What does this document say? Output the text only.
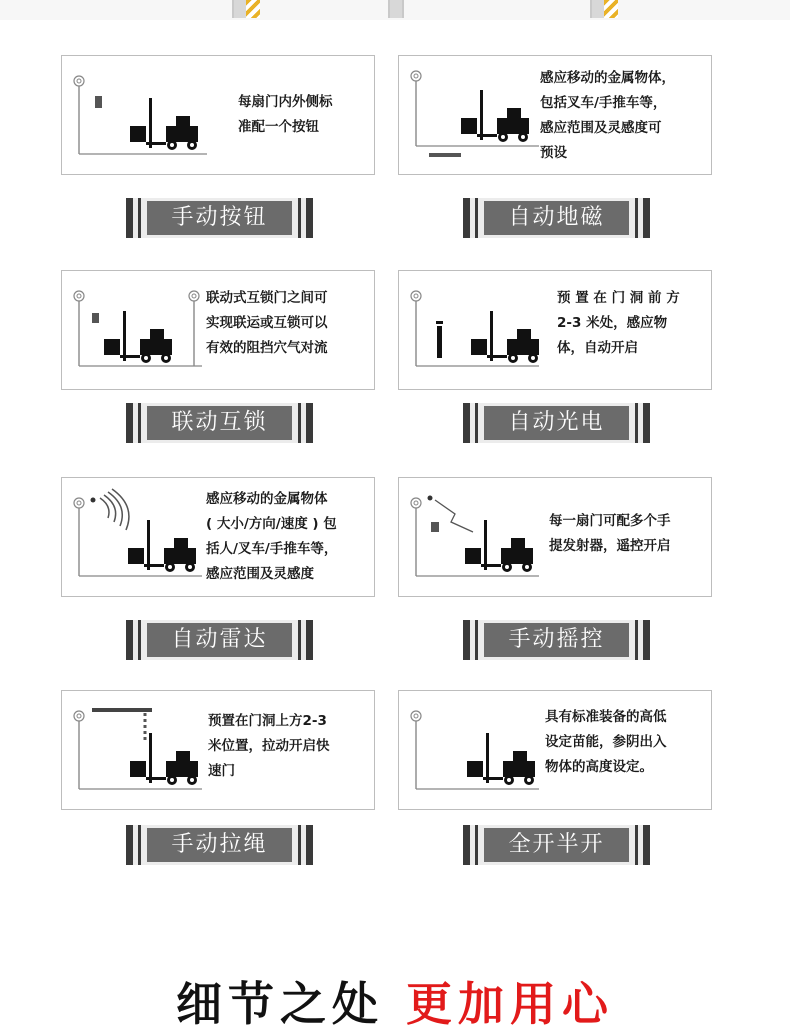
每扇门内外侧标
准配一个按钮
手动按钮
感应移动的金属物体，
包括叉车/手推车等，
感应范围及灵感度可
预设
自动地磁
联动式互锁门之间可
实现联运或互锁可以
有效的阻挡穴气对流
联动互锁
预 置 在 门 洞 前 方
2-3 米处，感应物
体，自动开启
自动光电
感应移动的金属物体
( 大小/方向/速度 ) 包
括人/叉车/手推车等，
感应范围及灵感度
自动雷达
每一扇门可配多个手
提发射器，遥控开启
手动摇控
预置在门洞上方2-3
米位置，拉动开启快
速门
手动拉绳
具有标准装备的高低
设定苗能，参阴出入
物体的高度设定。
全开半开
细节之处 更加用心
